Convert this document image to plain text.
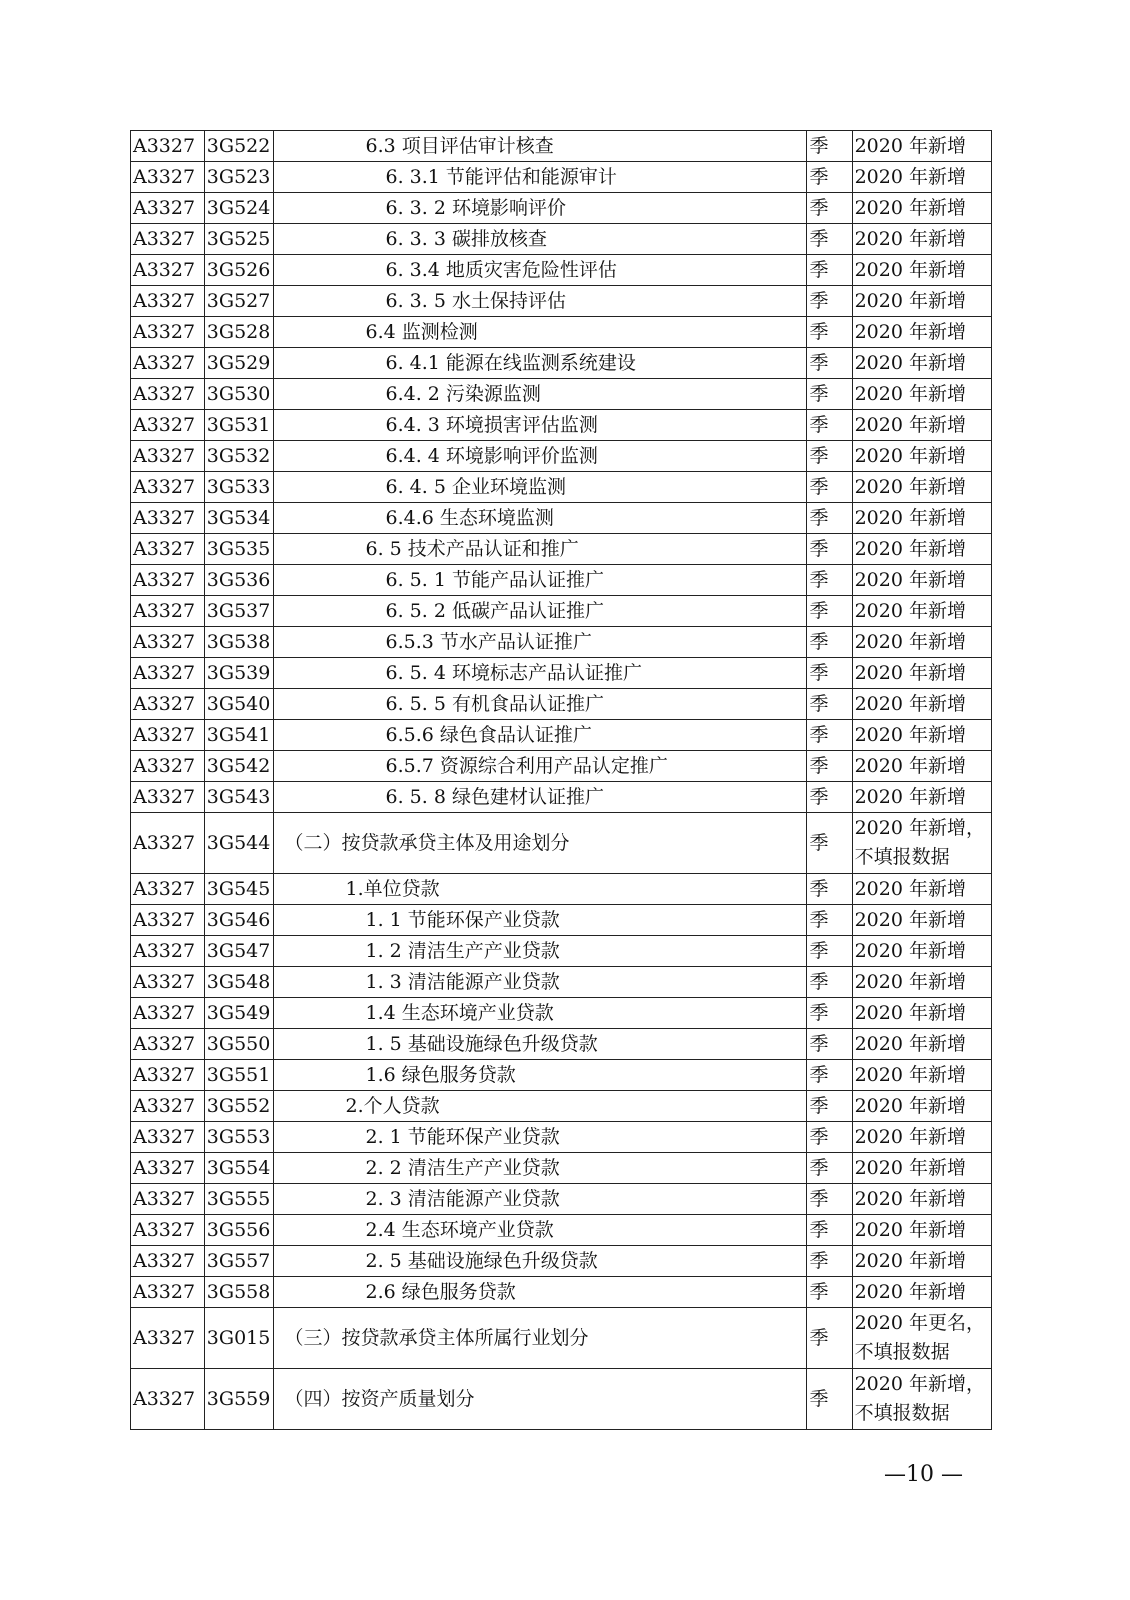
A3327	3G522	6.3 项目评估审计核查	季	2020 年新增
A3327	3G523	6. 3.1 节能评估和能源审计	季	2020 年新增
A3327	3G524	6. 3. 2 环境影响评价	季	2020 年新增
A3327	3G525	6. 3. 3 碳排放核查	季	2020 年新增
A3327	3G526	6. 3.4 地质灾害危险性评估	季	2020 年新增
A3327	3G527	6. 3. 5 水土保持评估	季	2020 年新增
A3327	3G528	6.4 监测检测	季	2020 年新增
A3327	3G529	6. 4.1 能源在线监测系统建设	季	2020 年新增
A3327	3G530	6.4. 2 污染源监测	季	2020 年新增
A3327	3G531	6.4. 3 环境损害评估监测	季	2020 年新增
A3327	3G532	6.4. 4 环境影响评价监测	季	2020 年新增
A3327	3G533	6. 4. 5 企业环境监测	季	2020 年新增
A3327	3G534	6.4.6 生态环境监测	季	2020 年新增
A3327	3G535	6. 5 技术产品认证和推广	季	2020 年新增
A3327	3G536	6. 5. 1 节能产品认证推广	季	2020 年新增
A3327	3G537	6. 5. 2 低碳产品认证推广	季	2020 年新增
A3327	3G538	6.5.3 节水产品认证推广	季	2020 年新增
A3327	3G539	6. 5. 4 环境标志产品认证推广	季	2020 年新增
A3327	3G540	6. 5. 5 有机食品认证推广	季	2020 年新增
A3327	3G541	6.5.6 绿色食品认证推广	季	2020 年新增
A3327	3G542	6.5.7 资源综合利用产品认定推广	季	2020 年新增
A3327	3G543	6. 5. 8 绿色建材认证推广	季	2020 年新增
A3327	3G544	（二）按贷款承贷主体及用途划分	季	2020 年新增，不填报数据
A3327	3G545	1.单位贷款	季	2020 年新增
A3327	3G546	1. 1 节能环保产业贷款	季	2020 年新增
A3327	3G547	1. 2 清洁生产产业贷款	季	2020 年新增
A3327	3G548	1. 3 清洁能源产业贷款	季	2020 年新增
A3327	3G549	1.4 生态环境产业贷款	季	2020 年新增
A3327	3G550	1. 5 基础设施绿色升级贷款	季	2020 年新增
A3327	3G551	1.6 绿色服务贷款	季	2020 年新增
A3327	3G552	2.个人贷款	季	2020 年新增
A3327	3G553	2. 1 节能环保产业贷款	季	2020 年新增
A3327	3G554	2. 2 清洁生产产业贷款	季	2020 年新增
A3327	3G555	2. 3 清洁能源产业贷款	季	2020 年新增
A3327	3G556	2.4 生态环境产业贷款	季	2020 年新增
A3327	3G557	2. 5 基础设施绿色升级贷款	季	2020 年新增
A3327	3G558	2.6 绿色服务贷款	季	2020 年新增
A3327	3G015	（三）按贷款承贷主体所属行业划分	季	2020 年更名，不填报数据
A3327	3G559	（四）按资产质量划分	季	2020 年新增，不填报数据
—10 —
